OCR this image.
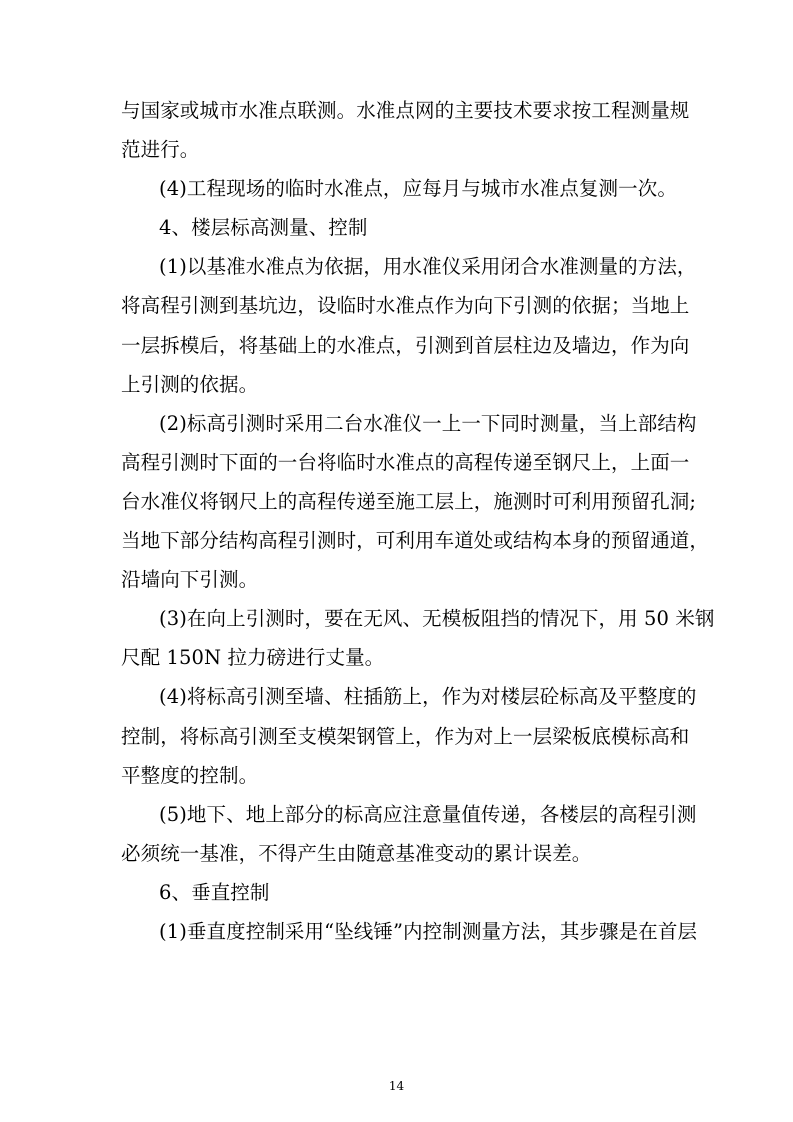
与国家或城市水准点联测。水准点网的主要技术要求按工程测量规
范进行。
(4)工程现场的临时水准点，应每月与城市水准点复测一次。
4、楼层标高测量、控制
(1)以基准水准点为依据，用水准仪采用闭合水准测量的方法，
将高程引测到基坑边，设临时水准点作为向下引测的依据；当地上
一层拆模后，将基础上的水准点，引测到首层柱边及墙边，作为向
上引测的依据。
(2)标高引测时采用二台水准仪一上一下同时测量，当上部结构
高程引测时下面的一台将临时水准点的高程传递至钢尺上，上面一
台水准仪将钢尺上的高程传递至施工层上，施测时可利用预留孔洞;
当地下部分结构高程引测时，可利用车道处或结构本身的预留通道，
沿墙向下引测。
(3)在向上引测时，要在无风、无模板阻挡的情况下，用 50 米钢
尺配 150N 拉力磅进行丈量。
(4)将标高引测至墙、柱插筋上，作为对楼层砼标高及平整度的
控制，将标高引测至支模架钢管上，作为对上一层梁板底模标高和
平整度的控制。
(5)地下、地上部分的标高应注意量值传递，各楼层的高程引测
必须统一基准，不得产生由随意基准变动的累计误差。
6、垂直控制
(1)垂直度控制采用“坠线锤”内控制测量方法，其步骤是在首层
14
